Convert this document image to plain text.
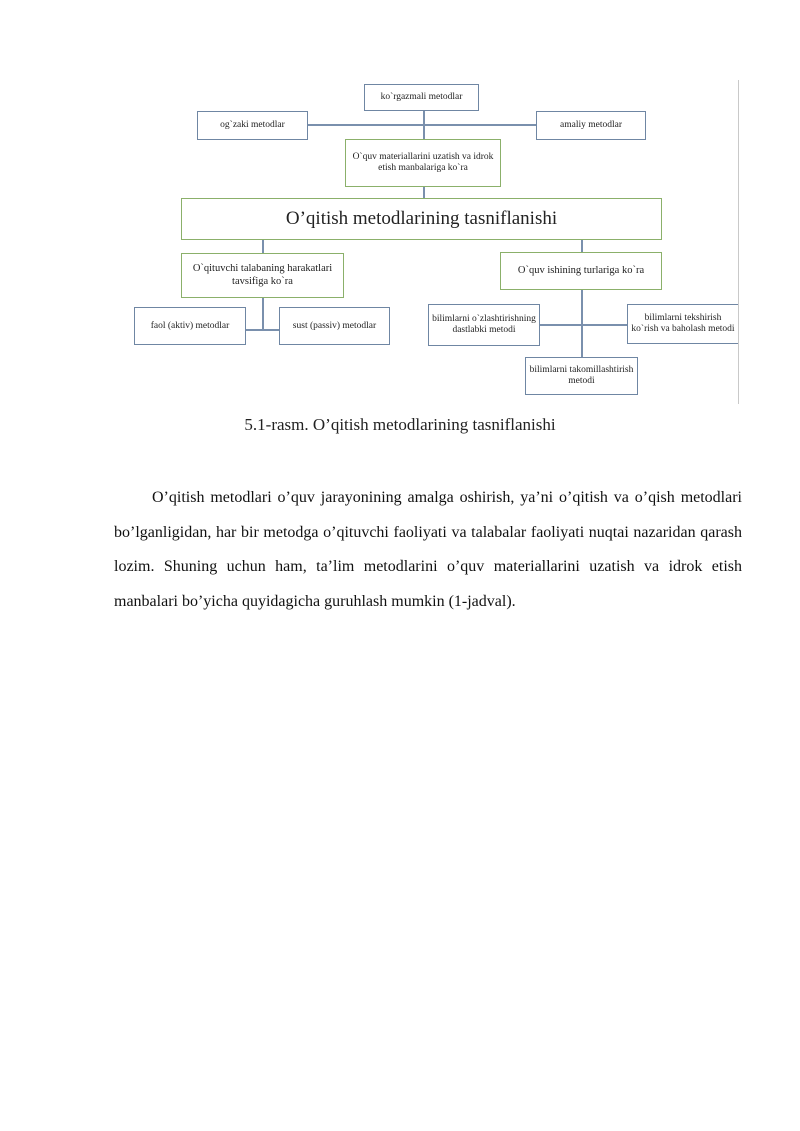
ko`rgazmali metodlar
og`zaki metodlar	amaliy metodlar
O`quv materiallarini uzatish va idrok etish manbalariga ko`ra
O’qitish metodlarining tasniflanishi
O`qituvchi talabaning harakatlari tavsifiga ko`ra
O`quv ishining turlariga ko`ra
faol (aktiv) metodlar	sust (passiv) metodlar
bilimlarni o`zlashtirishning dastlabki metodi
bilimlarni tekshirish ko`rish va baholash metodi
bilimlarni takomillashtirish metodi
5.1-rasm. O’qitish metodlarining tasniflanishi

O’qitish metodlari o’quv jarayonining amalga oshirish, ya’ni o’qitish va o’qish metodlari bo’lganligidan, har bir metodga o’qituvchi faoliyati va talabalar faoliyati nuqtai nazaridan qarash lozim. Shuning uchun ham, ta’lim metodlarini o’quv materiallarini uzatish va idrok etish manbalari bo’yicha quyidagicha guruhlash mumkin (1-jadval).
